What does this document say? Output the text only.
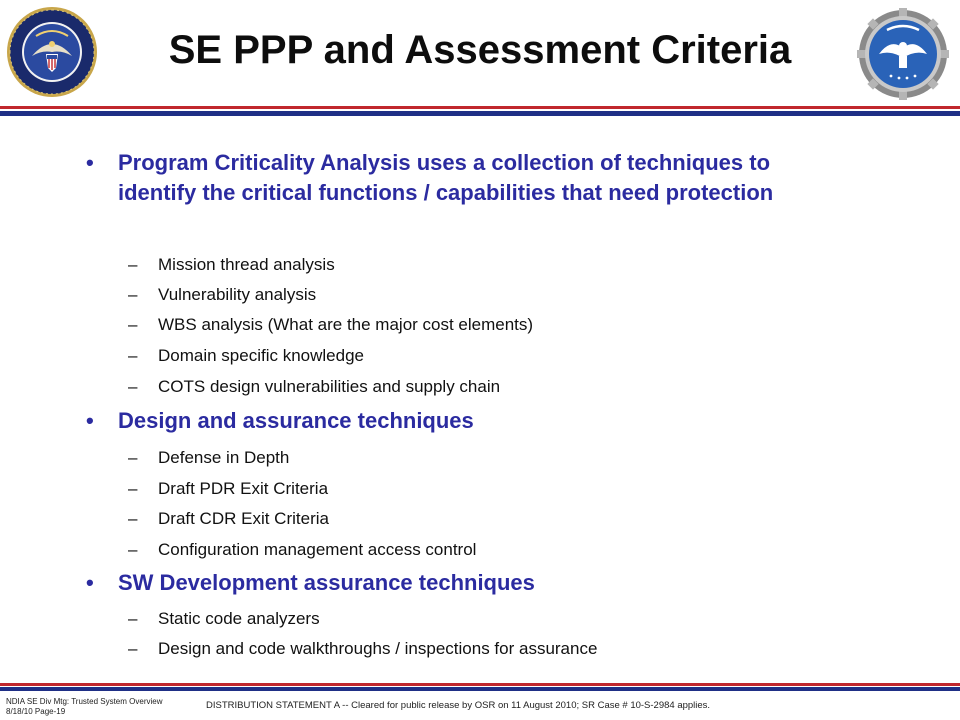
SE PPP and Assessment Criteria
• Program Criticality Analysis uses a collection of techniques to identify the critical functions / capabilities that need protection
– Mission thread analysis
– Vulnerability analysis
– WBS analysis (What are the major cost elements)
– Domain specific knowledge
– COTS design vulnerabilities and supply chain
• Design and assurance techniques
– Defense in Depth
– Draft PDR Exit Criteria
– Draft CDR Exit Criteria
– Configuration management access control
• SW Development assurance techniques
– Static code analyzers
– Design and code walkthroughs / inspections for assurance
NDIA SE Div Mtg: Trusted System Overview
8/18/10 Page-19
DISTRIBUTION STATEMENT A -- Cleared for public release by OSR on 11 August 2010; SR Case # 10-S-2984 applies.
